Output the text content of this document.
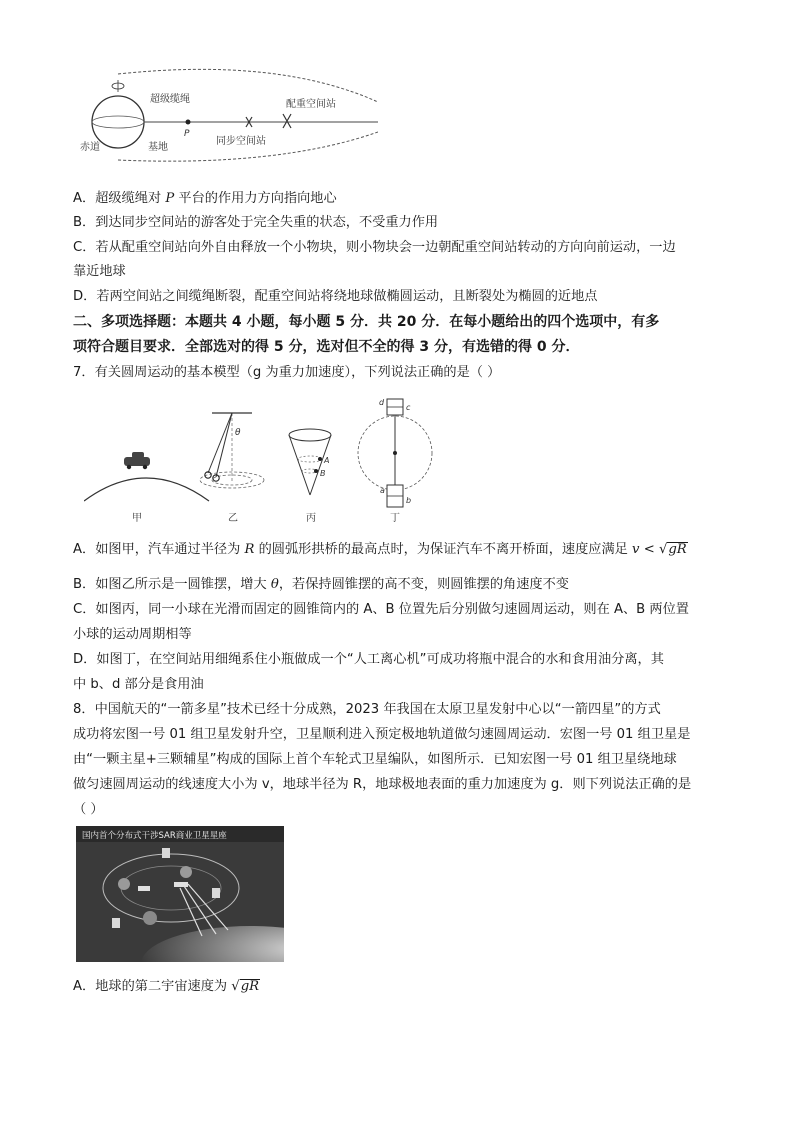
超级缆绳	配重空间站
赤道	基地
P
同步空间站
A．超级缆绳对 P 平台的作用力方向指向地心
B．到达同步空间站的游客处于完全失重的状态，不受重力作用
C．若从配重空间站向外自由释放一个小物块，则小物块会一边朝配重空间站转动的方向向前运动，一边
靠近地球
D．若两空间站之间缆绳断裂，配重空间站将绕地球做椭圆运动，且断裂处为椭圆的近地点
二、多项选择题：本题共 4 小题，每小题 5 分．共 20 分．在每小题给出的四个选项中，有多
项符合题目要求．全部选对的得 5 分，选对但不全的得 3 分，有选错的得 0 分．
7．有关圆周运动的基本模型（g 为重力加速度），下列说法正确的是（ ）
甲
θ
乙
A
B
丙
d
c
a
b
丁
A．如图甲，汽车通过半径为 R 的圆弧形拱桥的最高点时，为保证汽车不离开桥面，速度应满足 v < √gR
B．如图乙所示是一圆锥摆，增大 θ，若保持圆锥摆的高不变，则圆锥摆的角速度不变
C．如图丙，同一小球在光滑而固定的圆锥筒内的 A、B 位置先后分别做匀速圆周运动，则在 A、B 两位置
小球的运动周期相等
D．如图丁，在空间站用细绳系住小瓶做成一个“人工离心机”可成功将瓶中混合的水和食用油分离，其
中 b、d 部分是食用油
8．中国航天的“一箭多星”技术已经十分成熟，2023 年我国在太原卫星发射中心以“一箭四星”的方式
成功将宏图一号 01 组卫星发射升空，卫星顺利进入预定极地轨道做匀速圆周运动．宏图一号 01 组卫星是
由“一颗主星+三颗辅星”构成的国际上首个车轮式卫星编队，如图所示．已知宏图一号 01 组卫星绕地球
做匀速圆周运动的线速度大小为 v，地球半径为 R，地球极地表面的重力加速度为 g．则下列说法正确的是
（ ）
国内首个分布式干涉SAR商业卫星星座
A．地球的第二宇宙速度为 √gR
